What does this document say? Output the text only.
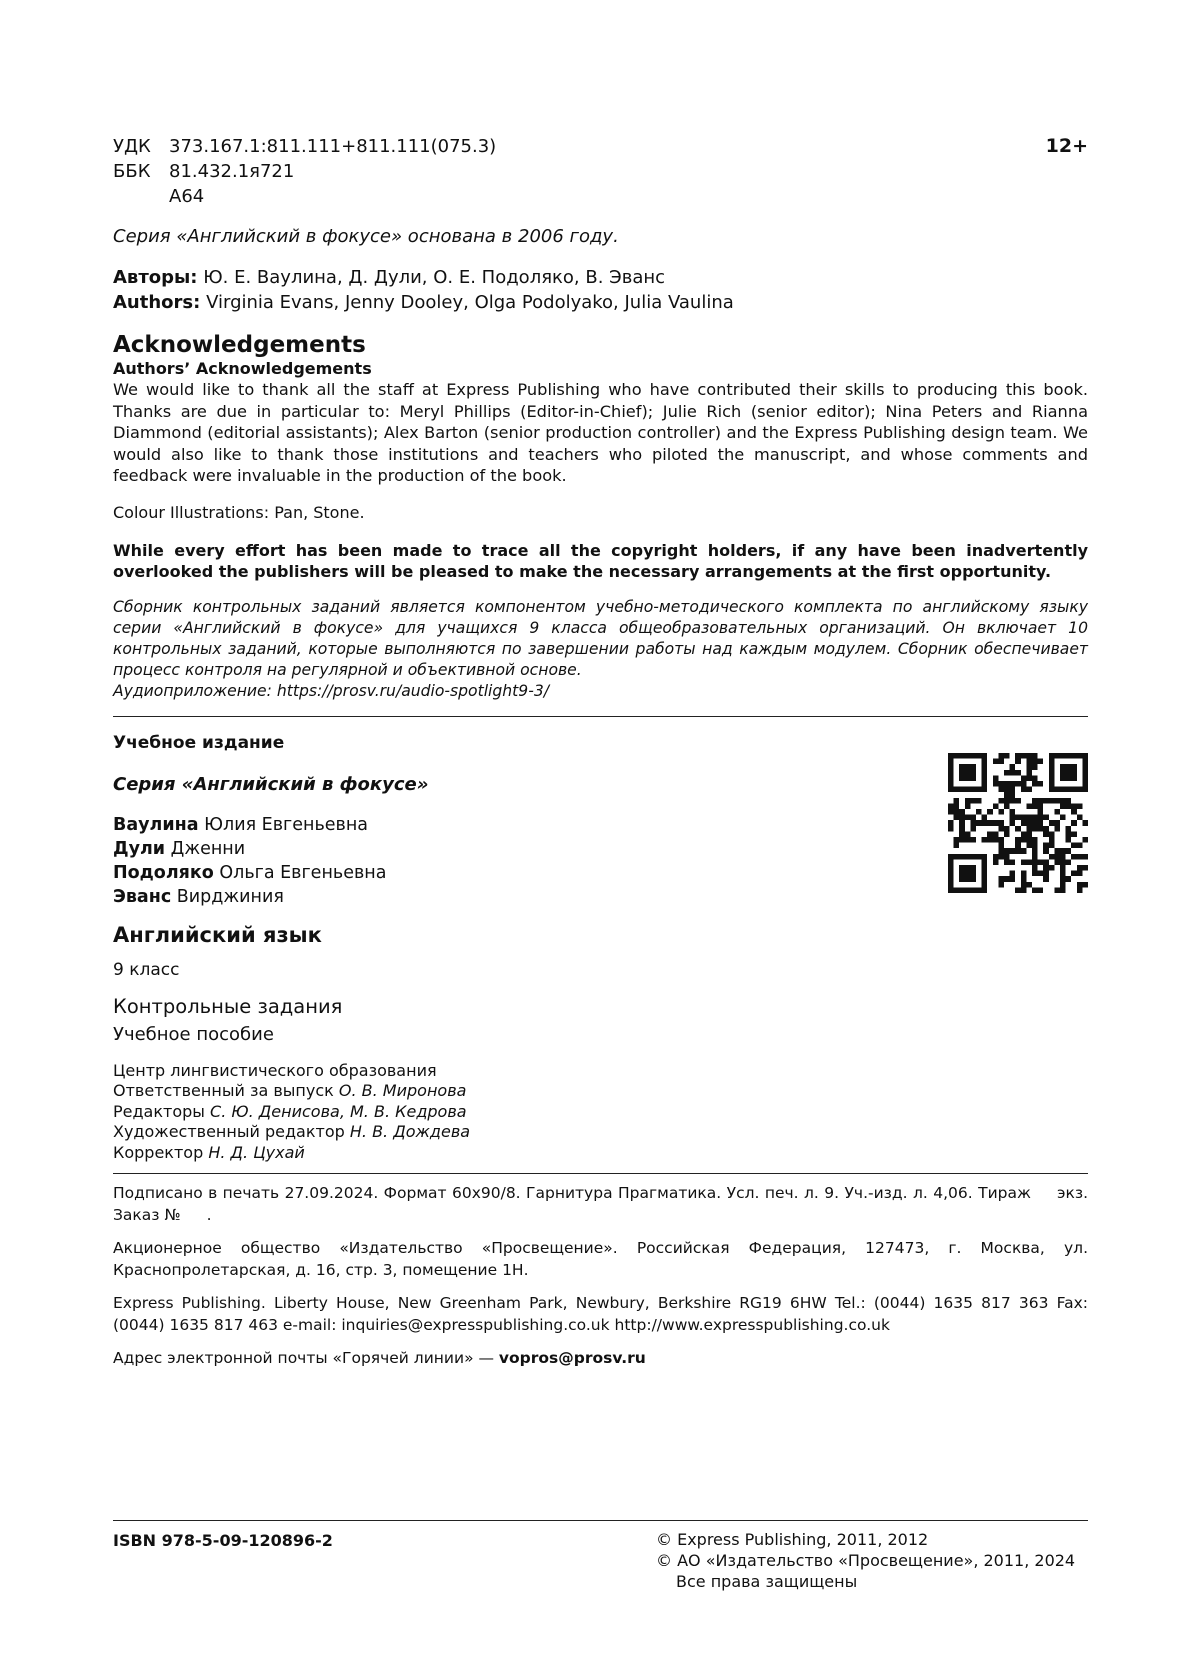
УДК	373.167.1:811.111+811.111(075.3)
ББК	81.432.1я721
А64
12+

Серия «Английский в фокусе» основана в 2006 году.

Авторы: Ю. Е. Ваулина, Д. Дули, О. Е. Подоляко, В. Эванс
Authors: Virginia Evans, Jenny Dooley, Olga Podolyako, Julia Vaulina
Acknowledgements
Authors’ Acknowledgements

We would like to thank all the staff at Express Publishing who have contributed their skills to producing this book. Thanks are due in particular to: Meryl Phillips (Editor-in-Chief); Julie Rich (senior editor); Nina Peters and Rianna Diammond (editorial assistants); Alex Barton (senior production controller) and the Express Publishing design team. We would also like to thank those institutions and teachers who piloted the manuscript, and whose comments and feedback were invaluable in the production of the book.

Colour Illustrations: Pan, Stone.

While every effort has been made to trace all the copyright holders, if any have been inadvertently overlooked the publishers will be pleased to make the necessary arrangements at the first opportunity.

Сборник контрольных заданий является компонентом учебно-методического комплекта по английскому языку серии «Английский в фокусе» для учащихся 9 класса общеобразовательных организаций. Он включает 10 контрольных заданий, которые выполняются по завершении работы над каждым модулем. Сборник обеспечивает процесс контроля на регулярной и объективной основе.
Аудиоприложение: https://prosv.ru/audio-spotlight9-3/

Учебное издание
Серия «Английский в фокусе»
Ваулина Юлия Евгеньевна
Дули Дженни
Подоляко Ольга Евгеньевна
Эванс Вирджиния
Английский язык
9 класс
Контрольные задания
Учебное пособие
Центр лингвистического образования
Ответственный за выпуск О. В. Миронова
Редакторы С. Ю. Денисова, М. В. Кедрова
Художественный редактор Н. В. Дождева
Корректор Н. Д. Цухай
Подписано в печать 27.09.2024. Формат 60x90/8. Гарнитура Прагматика. Усл. печ. л. 9. Уч.-изд. л. 4,06. Тираж экз. Заказ № .

Акционерное общество «Издательство «Просвещение». Российская Федерация, 127473, г. Москва, ул. Краснопролетарская, д. 16, стр. 3, помещение 1Н.

Express Publishing. Liberty House, New Greenham Park, Newbury, Berkshire RG19 6HW Tel.: (0044) 1635 817 363 Fax: (0044) 1635 817 463 e-mail: inquiries@expresspublishing.co.uk http://www.expresspublishing.co.uk

Адрес электронной почты «Горячей линии» — vopros@prosv.ru

ISBN 978-5-09-120896-2	© Express Publishing, 2011, 2012
© АО «Издательство «Просвещение», 2011, 2024
Все права защищены
